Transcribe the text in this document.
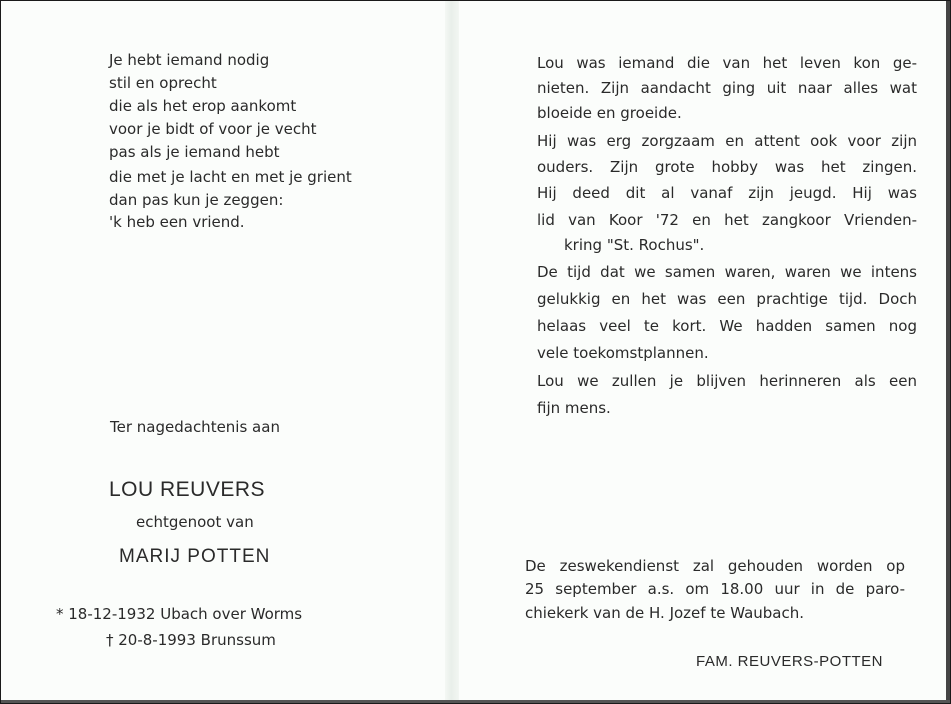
Je hebt iemand nodig

stil en oprecht

die als het erop aankomt

voor je bidt of voor je vecht

pas als je iemand hebt

die met je lacht en met je grient

dan pas kun je zeggen:

'k heb een vriend.

Ter nagedachtenis aan

LOU REUVERS

echtgenoot van

MARIJ POTTEN

* 18-12-1932 Ubach over Worms

† 20-8-1993 Brunssum

Lou was iemand die van het leven kon ge-

nieten. Zijn aandacht ging uit naar alles wat

bloeide en groeide.

Hij was erg zorgzaam en attent ook voor zijn

ouders. Zijn grote hobby was het zingen.

Hij deed dit al vanaf zijn jeugd. Hij was

lid van Koor '72 en het zangkoor Vrienden-

kring "St. Rochus".

De tijd dat we samen waren, waren we intens

gelukkig en het was een prachtige tijd. Doch

helaas veel te kort. We hadden samen nog

vele toekomstplannen.

Lou we zullen je blijven herinneren als een

fijn mens.

De zeswekendienst zal gehouden worden op

25 september a.s. om 18.00 uur in de paro-

chiekerk van de H. Jozef te Waubach.

FAM. REUVERS-POTTEN
